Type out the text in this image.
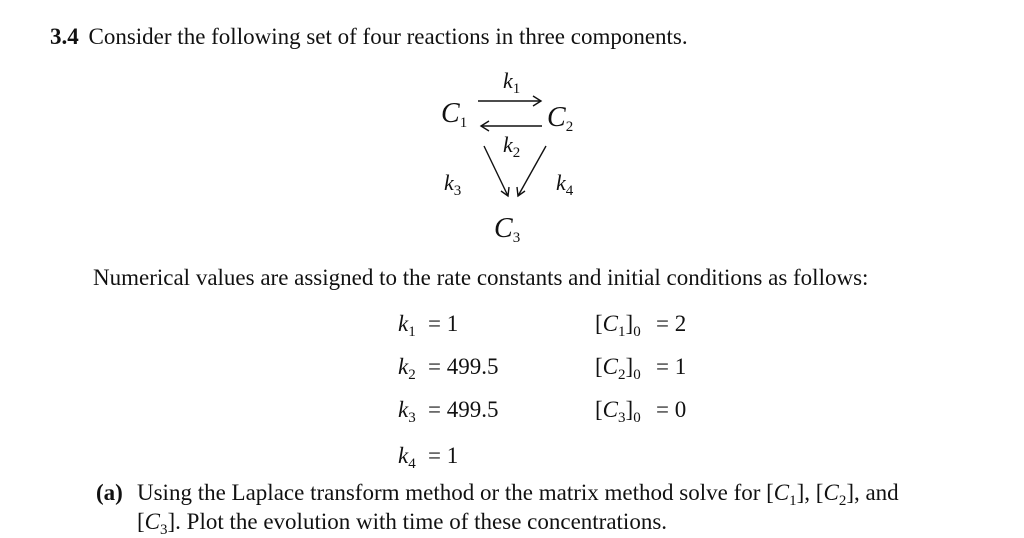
3.4 Consider the following set of four reactions in three components.
$C_1$	$C_2$
$C_3$
$k_1$
$k_2$
$k_3$	$k_4$
Numerical values are assigned to the rate constants and initial conditions as follows:
$k_1 = 1$	$[C_1]_0 = 2$
$k_2 = 499.5$	$[C_2]_0 = 1$
$k_3 = 499.5$	$[C_3]_0 = 0$
$k_4 = 1$
(a) Using the Laplace transform method or the matrix method solve for $[C_1]$, $[C_2]$, and
$[C_3]$. Plot the evolution with time of these concentrations.
